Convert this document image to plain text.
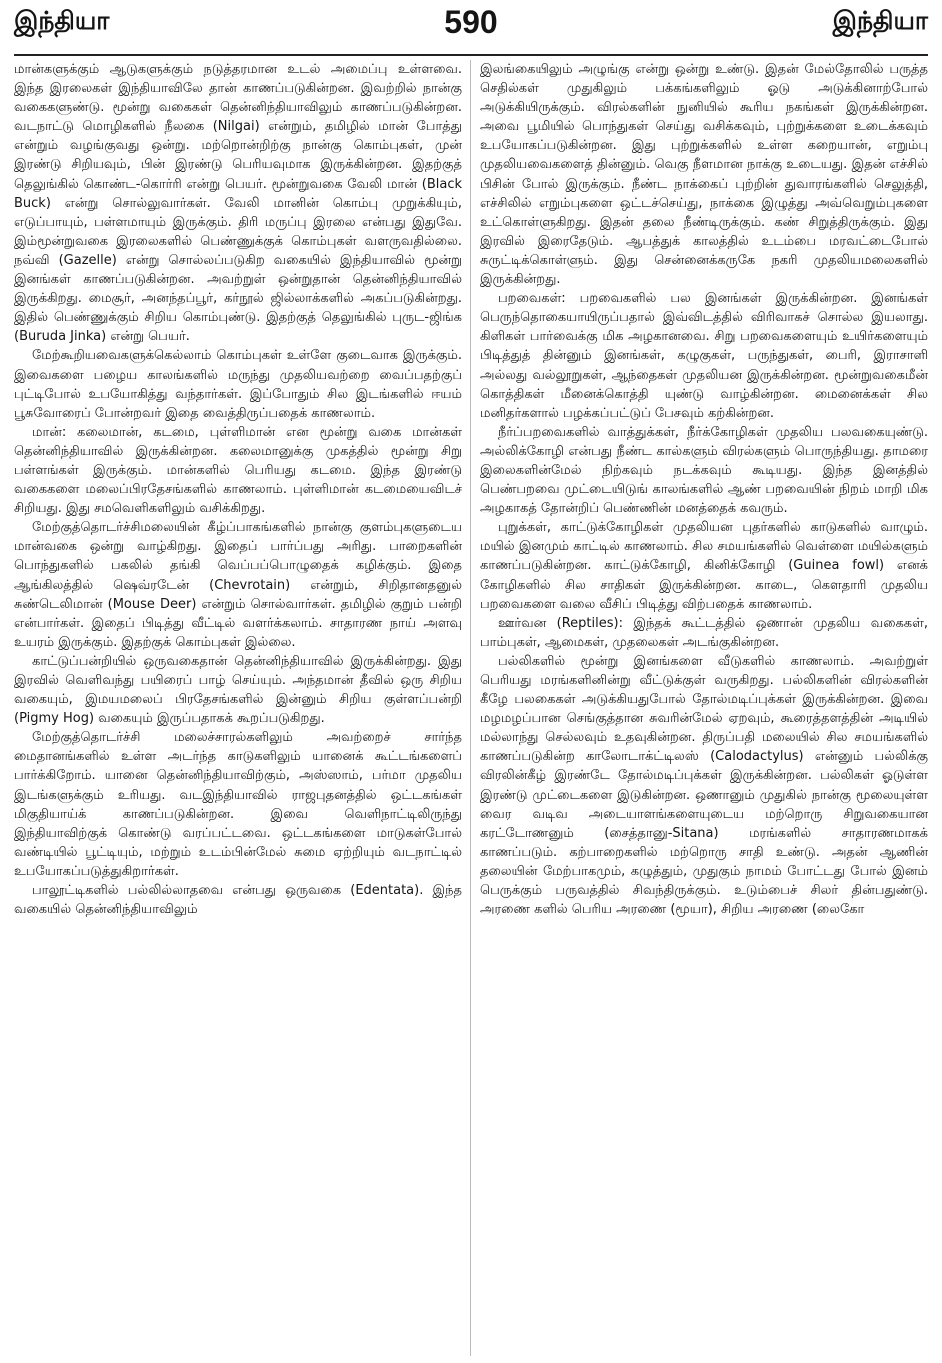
இந்தியா	590	இந்தியா

மான்களுக்கும் ஆடுகளுக்கும் நடுத்தரமான உடல் அமைப்பு உள்ளவை. இந்த இரலைகள் இந்தியாவிலே தான் காணப்படுகின்றன. இவற்றில் நான்கு வகைகளுண்டு. மூன்று வகைகள் தென்னிந்தியாவிலும் காணப்படுகின்றன. வடநாட்டு மொழிகளில் நீலகை (Nilgai) என்றும், தமிழில் மான் போத்து என்றும் வழங்குவது ஒன்று. மற்றொன்றிற்கு நான்கு கொம்புகள், முன் இரண்டு சிறியவும், பின் இரண்டு பெரியவுமாக இருக்கின்றன. இதற்குத் தெலுங்கில் கொண்ட-கொர்ரி என்று பெயர். மூன்றுவகை வேலி மான் (Black Buck) என்று சொல்லுவார்கள். வேலி மானின் கொம்பு முறுக்கியும், எடுப்பாயும், பள்ளமாயும் இருக்கும். திரி மருப்பு இரலை என்பது இதுவே. இம்மூன்றுவகை இரலைகளில் பெண்ணுக்குக் கொம்புகள் வளருவதில்லை. நவ்வி (Gazelle) என்று சொல்லப்படுகிற வகையில் இந்தியாவில் மூன்று இனங்கள் காணப்படுகின்றன. அவற்றுள் ஒன்றுதான் தென்னிந்தியாவில் இருக்கிறது. மைசூர், அனந்தப்பூர், கர்நூல் ஜில்லாக்களில் அகப்படுகின்றது. இதில் பெண்ணுக்கும் சிறிய கொம்புண்டு. இதற்குத் தெலுங்கில் புருட-ஜிங்க (Buruda Jinka) என்று பெயர்.

மேற்கூறியவைகளுக்கெல்லாம் கொம்புகள் உள்ளே குடைவாக இருக்கும். இவைகளை பழைய காலங்களில் மருந்து முதலியவற்றை வைப்பதற்குப் புட்டிபோல் உபயோகித்து வந்தார்கள். இப்போதும் சில இடங்களில் ஈயம் பூசுவோரைப் போன்றவர் இதை வைத்திருப்பதைக் காணலாம்.

மான்: கலைமான், கடமை, புள்ளிமான் என மூன்று வகை மான்கள் தென்னிந்தியாவில் இருக்கின்றன. கலைமானுக்கு முகத்தில் மூன்று சிறு பள்ளங்கள் இருக்கும். மான்களில் பெரியது கடமை. இந்த இரண்டு வகைகளை மலைப்பிரதேசங்களில் காணலாம். புள்ளிமான் கடமையைவிடச் சிறியது. இது சமவெளிகளிலும் வசிக்கிறது.

மேற்குத்தொடர்ச்சிமலையின் கீழ்ப்பாகங்களில் நான்கு குளம்புகளுடைய மான்வகை ஒன்று வாழ்கிறது. இதைப் பார்ப்பது அரிது. பாறைகளின் பொந்துகளில் பகலில் தங்கி வெப்பப்பொழுதைக் கழிக்கும். இதை ஆங்கிலத்தில் ஷெவ்ரடேன் (Chevrotain) என்றும், சிறிதானதனுல் சுண்டெலிமான் (Mouse Deer) என்றும் சொல்வார்கள். தமிழில் குறும் பன்றி என்பார்கள். இதைப் பிடித்து வீட்டில் வளர்க்கலாம். சாதாரண நாய் அளவு உயரம் இருக்கும். இதற்குக் கொம்புகள் இல்லை.

காட்டுப்பன்றியில் ஒருவகைதான் தென்னிந்தியாவில் இருக்கின்றது. இது இரவில் வெளிவந்து பயிரைப் பாழ் செய்யும். அந்தமான் தீவில் ஒரு சிறிய வகையும், இமயமலைப் பிரதேசங்களில் இன்னும் சிறிய குள்ளப்பன்றி (Pigmy Hog) வகையும் இருப்பதாகக் கூறப்படுகிறது.

மேற்குத்தொடர்ச்சி மலைச்சாரல்களிலும் அவற்றைச் சார்ந்த மைதானங்களில் உள்ள அடர்ந்த காடுகளிலும் யானைக் கூட்டங்களைப் பார்க்கிறோம். யானை தென்னிந்தியாவிற்கும், அஸ்ஸாம், பர்மா முதலிய இடங்களுக்கும் உரியது. வடஇந்தியாவில் ராஜபுதனத்தில் ஒட்டகங்கள் மிகுதியாய்க் காணப்படுகின்றன. இவை வெளிநாட்டிலிருந்து இந்தியாவிற்குக் கொண்டு வரப்பட்டவை. ஒட்டகங்களை மாடுகள்போல் வண்டியில் பூட்டியும், மற்றும் உடம்பின்மேல் சுமை ஏற்றியும் வடநாட்டில் உபயோகப்படுத்துகிறார்கள்.

பாலூட்டிகளில் பல்லில்லாதவை என்பது ஒருவகை (Edentata). இந்த வகையில் தென்னிந்தியாவிலும்

இலங்கையிலும் அழுங்கு என்று ஒன்று உண்டு. இதன் மேல்தோலில் பருத்த செதில்கள் முதுகிலும் பக்கங்களிலும் ஓடு அடுக்கினாற்போல் அடுக்கியிருக்கும். விரல்களின் நுனியில் கூரிய நகங்கள் இருக்கின்றன. அவை பூமியில் பொந்துகள் செய்து வசிக்கவும், புற்றுக்களை உடைக்கவும் உபயோகப்படுகின்றன. இது புற்றுக்களில் உள்ள கறையான், எறும்பு முதலியவைகளைத் தின்னும். வெகு நீளமான நாக்கு உடையது. இதன் எச்சில் பிசின் போல் இருக்கும். நீண்ட நாக்கைப் புற்றின் துவாரங்களில் செலுத்தி, எச்சிலில் எறும்புகளை ஒட்டச்செய்து, நாக்கை இழுத்து அவ்வெறும்புகளை உட்கொள்ளுகிறது. இதன் தலை நீண்டிருக்கும். கண் சிறுத்திருக்கும். இது இரவில் இரைதேடும். ஆபத்துக் காலத்தில் உடம்பை மரவட்டைபோல் சுருட்டிக்கொள்ளும். இது சென்னைக்கருகே நகரி முதலியமலைகளில் இருக்கின்றது.

பறவைகள்: பறவைகளில் பல இனங்கள் இருக்கின்றன. இனங்கள் பெருந்தொகையாயிருப்பதால் இவ்விடத்தில் விரிவாகச் சொல்ல இயலாது. கிளிகள் பார்வைக்கு மிக அழகானவை. சிறு பறவைகளையும் உயிர்களையும் பிடித்துத் தின்னும் இனங்கள், கழுகுகள், பருந்துகள், பைரி, இராசாளி அல்லது வல்லூறுகள், ஆந்தைகள் முதலியன இருக்கின்றன. மூன்றுவகைமீன் கொத்திகள் மீனைக்கொத்தி யுண்டு வாழ்கின்றன. மைனைக்கள் சில மனிதர்களால் பழக்கப்பட்டுப் பேசவும் கற்கின்றன.

நீர்ப்பறவைகளில் வாத்துக்கள், நீர்க்கோழிகள் முதலிய பலவகையுண்டு. அல்லிக்கோழி என்பது நீண்ட கால்களும் விரல்களும் பொருந்தியது. தாமரை இலைகளின்மேல் நிற்கவும் நடக்கவும் கூடியது. இந்த இனத்தில் பெண்பறவை முட்டையிடுங் காலங்களில் ஆண் பறவையின் நிறம் மாறி மிக அழகாகத் தோன்றிப் பெண்ணின் மனத்தைக் கவரும்.

புறுக்கள், காட்டுக்கோழிகள் முதலியன புதர்களில் காடுகளில் வாழும். மயில் இனமும் காட்டில் காணலாம். சில சமயங்களில் வெள்ளை மயில்களும் காணப்படுகின்றன. காட்டுக்கோழி, கினிக்கோழி (Guinea fowl) எனக் கோழிகளில் சில சாதிகள் இருக்கின்றன. காடை, கௌதாரி முதலிய பறவைகளை வலை வீசிப் பிடித்து விற்பதைக் காணலாம்.

ஊர்வன (Reptiles): இந்தக் கூட்டத்தில் ஒணான் முதலிய வகைகள், பாம்புகள், ஆமைகள், முதலைகள் அடங்குகின்றன.

பல்லிகளில் மூன்று இனங்களை வீடுகளில் காணலாம். அவற்றுள் பெரியது மரங்களினின்று வீட்டுக்குள் வருகிறது. பல்லிகளின் விரல்களின் கீழே பலகைகள் அடுக்கியதுபோல் தோல்மடிப்புக்கள் இருக்கின்றன. இவை மழமழப்பான செங்குத்தான சுவரின்மேல் ஏறவும், கூரைத்தளத்தின் அடியில் மல்லாந்து செல்லவும் உதவுகின்றன. திருப்பதி மலையில் சில சமயங்களில் காணப்படுகின்ற காலோடாக்ட்டிலஸ் (Calodactylus) என்னும் பல்லிக்கு விரலின்கீழ் இரண்டே தோல்மடிப்புக்கள் இருக்கின்றன. பல்லிகள் ஓடுள்ள இரண்டு முட்டைகளை இடுகின்றன. ஒணானும் முதுகில் நான்கு மூலையுள்ள வைர வடிவ அடையாளங்களையுடைய மற்றொரு சிறுவகையான கரட்டோணனும் (சைத்தானு-Sitana) மரங்களில் சாதாரணமாகக் காணப்படும். கற்பாறைகளில் மற்றொரு சாதி உண்டு. அதன் ஆணின் தலையின் மேற்பாகமும், கழுத்தும், முதுகும் நாமம் போட்டது போல் இனம் பெருக்கும் பருவத்தில் சிவந்திருக்கும். உடும்பைச் சிலர் தின்பதுண்டு. அரணை களில் பெரிய அரணை (மூயா), சிறிய அரணை (லைகோ
